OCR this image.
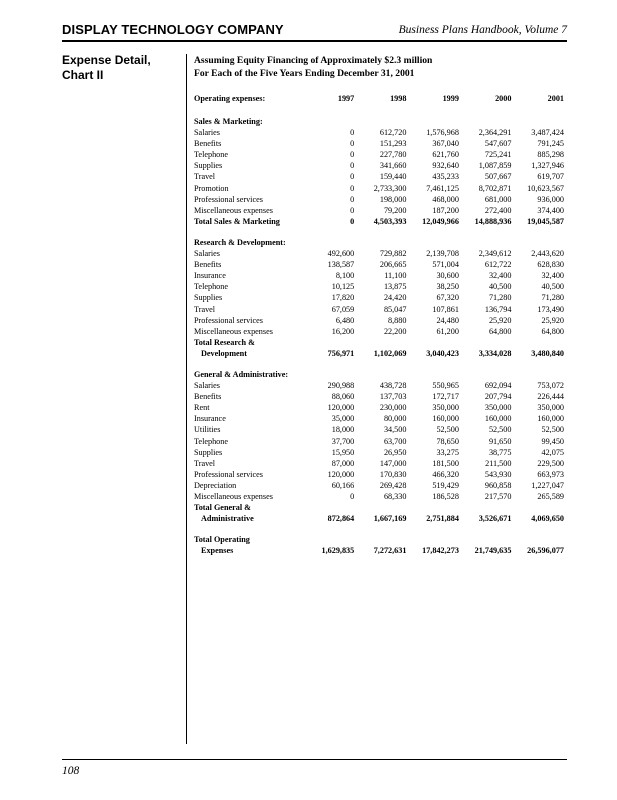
DISPLAY TECHNOLOGY COMPANY	Business Plans Handbook, Volume 7
Expense Detail,
Chart II
Assuming Equity Financing of Approximately $2.3 million
For Each of the Five Years Ending December 31, 2001
Operating expenses:	1997	1998	1999	2000	2001

Sales & Marketing:					
Salaries	0	612,720	1,576,968	2,364,291	3,487,424
Benefits	0	151,293	367,040	547,607	791,245
Telephone	0	227,780	621,760	725,241	885,298
Supplies	0	341,660	932,640	1,087,859	1,327,946
Travel	0	159,440	435,233	507,667	619,707
Promotion	0	2,733,300	7,461,125	8,702,871	10,623,567
Professional services	0	198,000	468,000	681,000	936,000
Miscellaneous expenses	0	79,200	187,200	272,400	374,400
Total Sales & Marketing	0	4,503,393	12,049,966	14,888,936	19,045,587

Research & Development:					
Salaries	492,600	729,882	2,139,708	2,349,612	2,443,620
Benefits	138,587	206,665	571,004	612,722	628,830
Insurance	8,100	11,100	30,600	32,400	32,400
Telephone	10,125	13,875	38,250	40,500	40,500
Supplies	17,820	24,420	67,320	71,280	71,280
Travel	67,059	85,047	107,861	136,794	173,490
Professional services	6,480	8,880	24,480	25,920	25,920
Miscellaneous expenses	16,200	22,200	61,200	64,800	64,800
Total Research &					
Development	756,971	1,102,069	3,040,423	3,334,028	3,480,840

General & Administrative:					
Salaries	290,988	438,728	550,965	692,094	753,072
Benefits	88,060	137,703	172,717	207,794	226,444
Rent	120,000	230,000	350,000	350,000	350,000
Insurance	35,000	80,000	160,000	160,000	160,000
Utilities	18,000	34,500	52,500	52,500	52,500
Telephone	37,700	63,700	78,650	91,650	99,450
Supplies	15,950	26,950	33,275	38,775	42,075
Travel	87,000	147,000	181,500	211,500	229,500
Professional services	120,000	170,830	466,320	543,930	663,973
Depreciation	60,166	269,428	519,429	960,858	1,227,047
Miscellaneous expenses	0	68,330	186,528	217,570	265,589
Total General &					
Administrative	872,864	1,667,169	2,751,884	3,526,671	4,069,650

Total Operating					
Expenses	1,629,835	7,272,631	17,842,273	21,749,635	26,596,077
108
